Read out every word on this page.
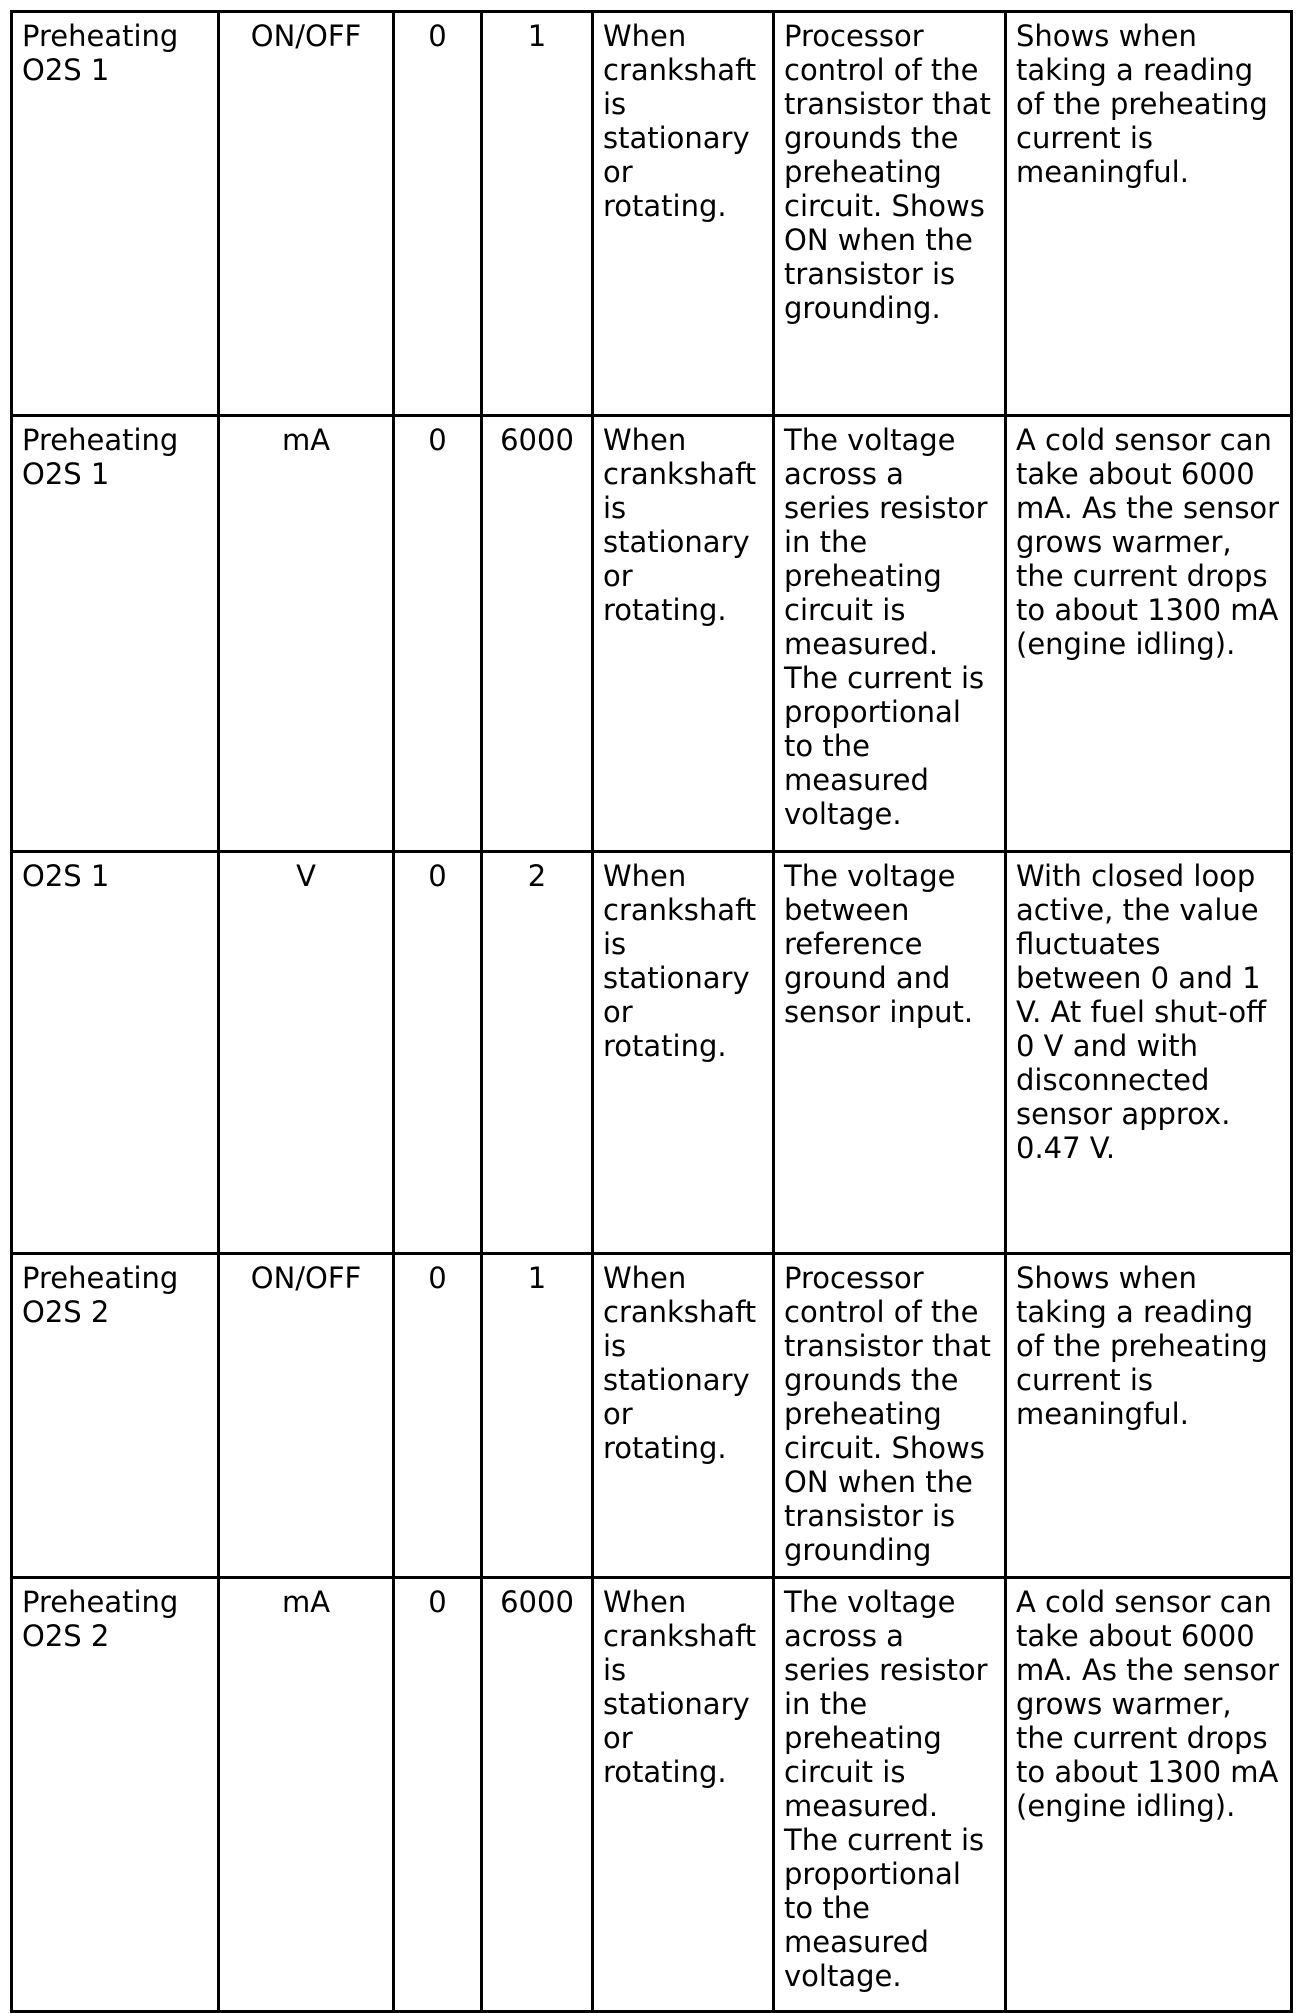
Preheating O2S 1	ON/OFF	0	1	When crankshaft is stationary or rotating.	Processor control of the transistor that grounds the preheating circuit. Shows ON when the transistor is grounding.	Shows when taking a reading of the preheating current is meaningful.
Preheating O2S 1	mA	0	6000	When crankshaft is stationary or rotating.	The voltage across a series resistor in the preheating circuit is measured. The current is proportional to the measured voltage.	A cold sensor can take about 6000 mA. As the sensor grows warmer, the current drops to about 1300 mA (engine idling).
O2S 1	V	0	2	When crankshaft is stationary or rotating.	The voltage between reference ground and sensor input.	With closed loop active, the value fluctuates between 0 and 1 V. At fuel shut-off 0 V and with disconnected sensor approx. 0.47 V.
Preheating O2S 2	ON/OFF	0	1	When crankshaft is stationary or rotating.	Processor control of the transistor that grounds the preheating circuit. Shows ON when the transistor is grounding	Shows when taking a reading of the preheating current is meaningful.
Preheating O2S 2	mA	0	6000	When crankshaft is stationary or rotating.	The voltage across a series resistor in the preheating circuit is measured. The current is proportional to the measured voltage.	A cold sensor can take about 6000 mA. As the sensor grows warmer, the current drops to about 1300 mA (engine idling).
